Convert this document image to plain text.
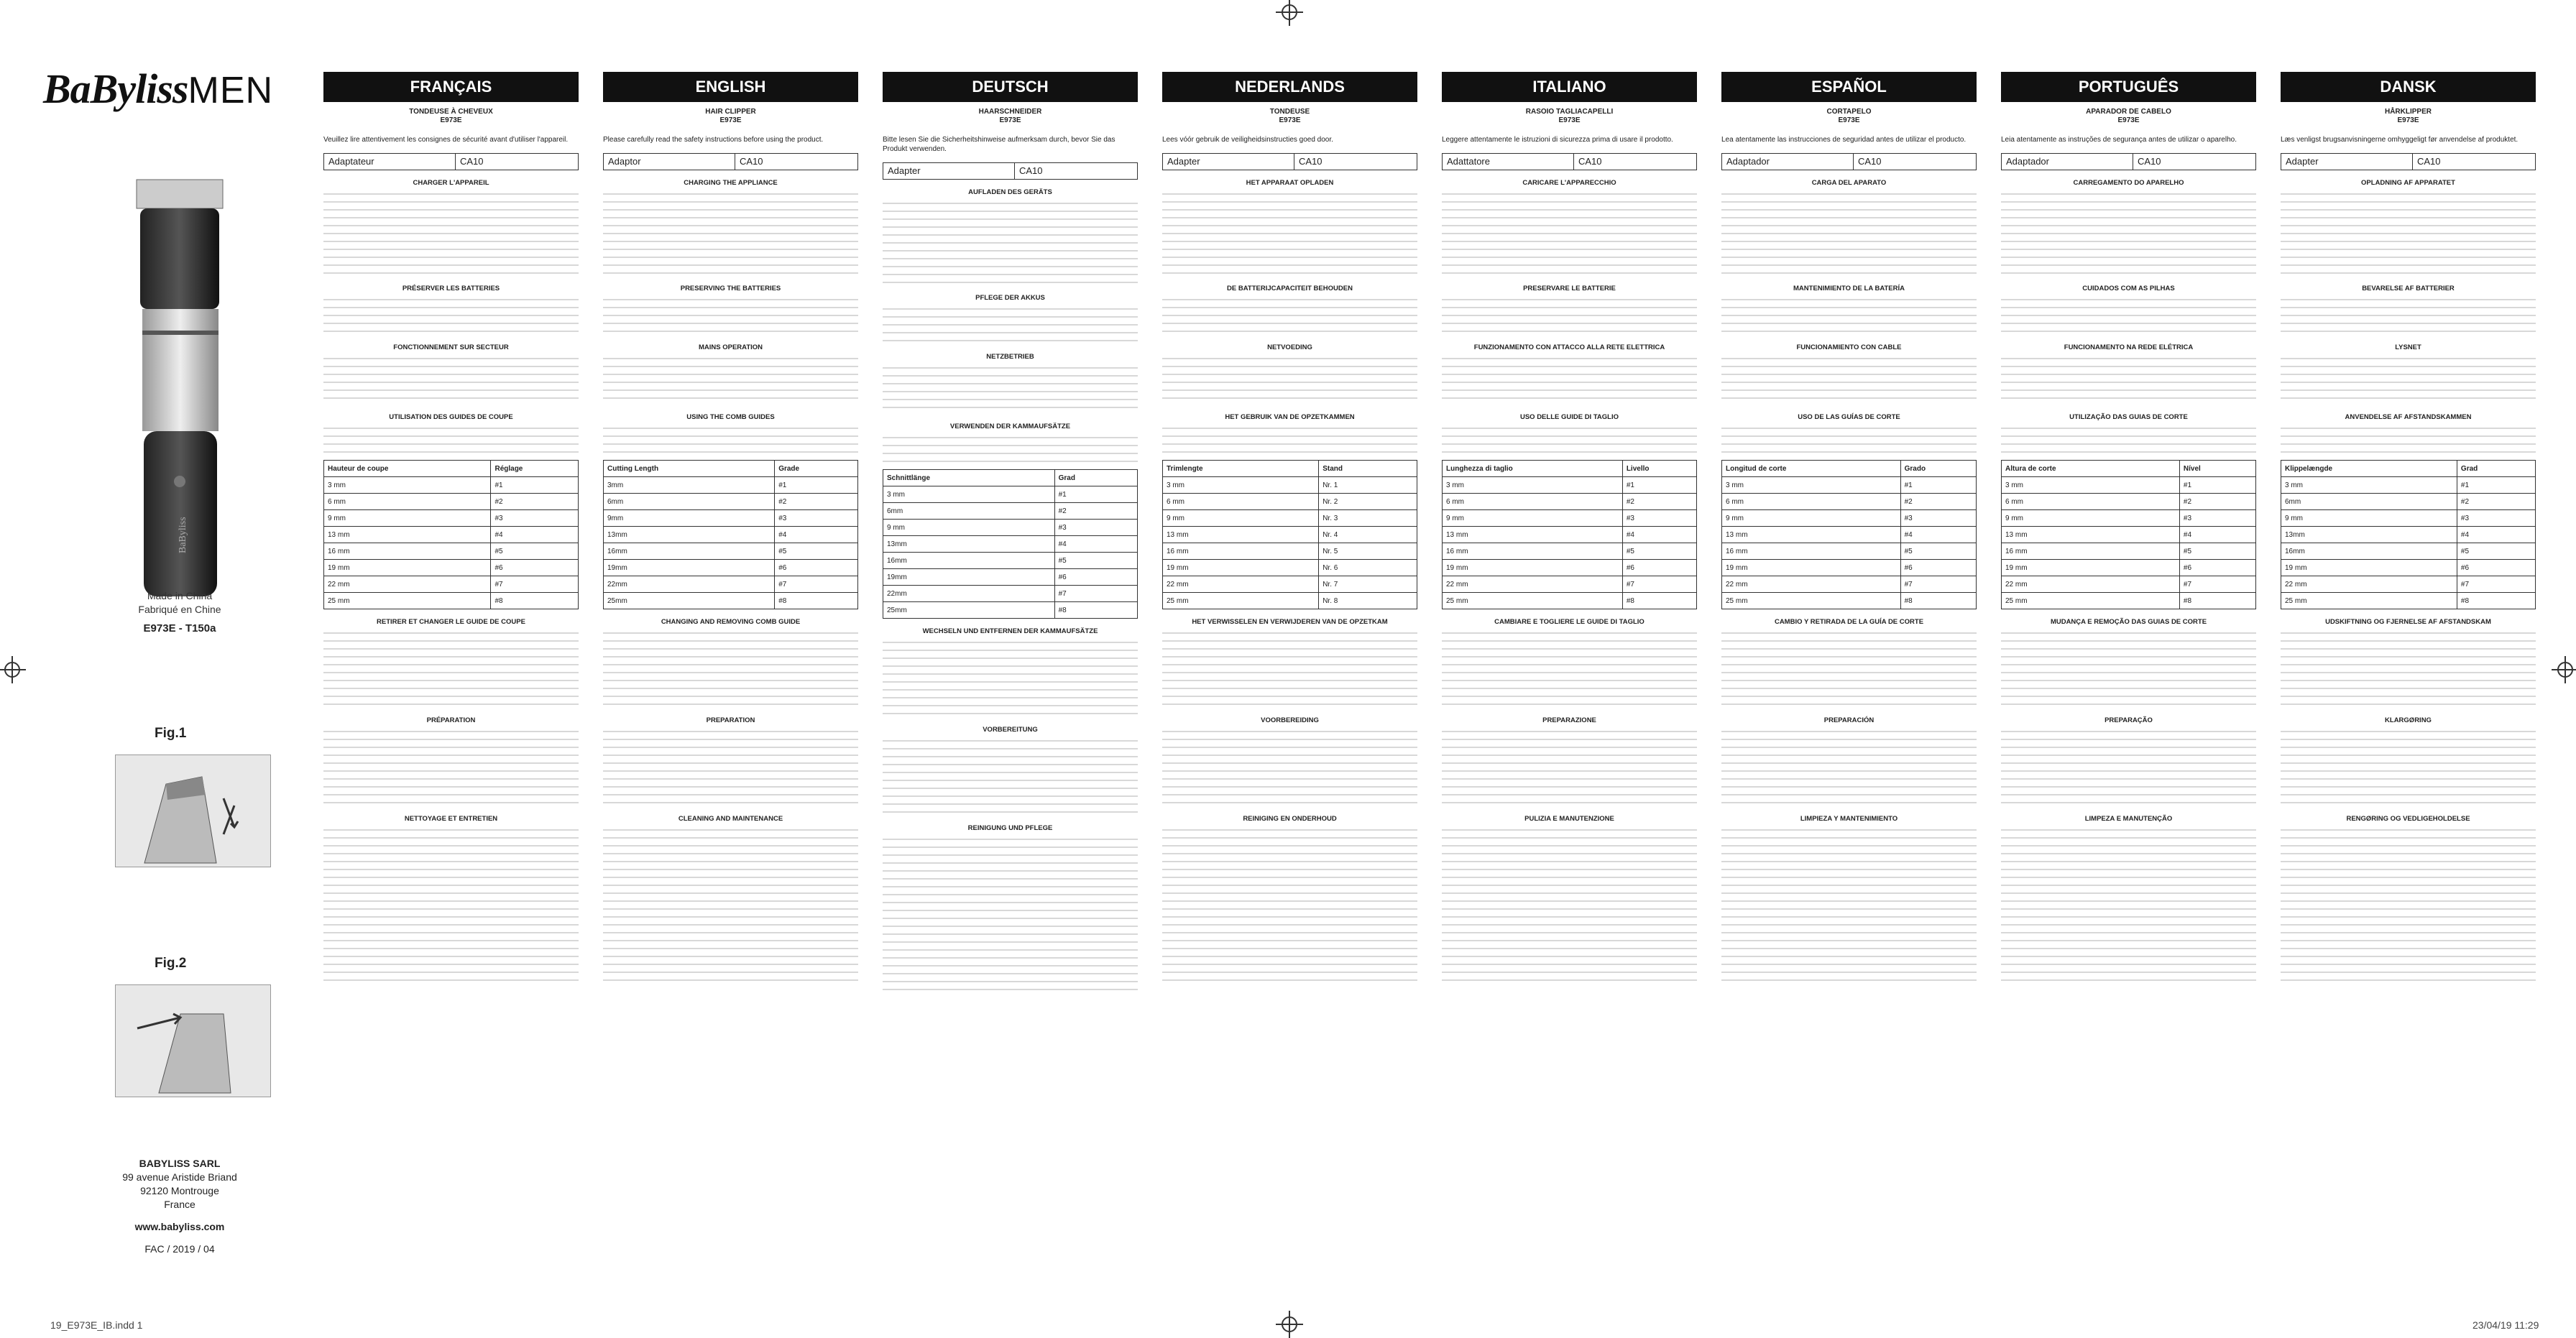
19_E973E_IB.indd 1	23/04/19 11:29
BaBylissMEN
BaByliss
Made in China
Fabriqué en Chine
E973E - T150a
Fig.1
Fig.2
BABYLISS SARL
99 avenue Aristide Briand
92120 Montrouge
France
www.babyliss.com
FAC / 2019 / 04
FRANÇAIS
TONDEUSE À CHEVEUX
E973E
Veuillez lire attentivement les consignes de sécurité avant d'utiliser l'appareil.
Adaptateur	CA10
CHARGER L'APPAREIL
PRÉSERVER LES BATTERIES
FONCTIONNEMENT SUR SECTEUR
UTILISATION DES GUIDES DE COUPE
Hauteur de coupe	Réglage
3 mm	#1
6 mm	#2
9 mm	#3
13 mm	#4
16 mm	#5
19 mm	#6
22 mm	#7
25 mm	#8
RETIRER ET CHANGER LE GUIDE DE COUPE
PRÉPARATION
NETTOYAGE ET ENTRETIEN
ENGLISH
HAIR CLIPPER
E973E
Please carefully read the safety instructions before using the product.
Adaptor	CA10
CHARGING THE APPLIANCE
PRESERVING THE BATTERIES
MAINS OPERATION
USING THE COMB GUIDES
Cutting Length	Grade
3mm	#1
6mm	#2
9mm	#3
13mm	#4
16mm	#5
19mm	#6
22mm	#7
25mm	#8
CHANGING AND REMOVING COMB GUIDE
PREPARATION
CLEANING AND MAINTENANCE
DEUTSCH
HAARSCHNEIDER
E973E
Bitte lesen Sie die Sicherheitshinweise aufmerksam durch, bevor Sie das Produkt verwenden.
Adapter	CA10
AUFLADEN DES GERÄTS
PFLEGE DER AKKUS
NETZBETRIEB
VERWENDEN DER KAMMAUFSÄTZE
Schnittlänge	Grad
3 mm	#1
6mm	#2
9 mm	#3
13mm	#4
16mm	#5
19mm	#6
22mm	#7
25mm	#8
WECHSELN UND ENTFERNEN DER KAMMAUFSÄTZE
VORBEREITUNG
REINIGUNG UND PFLEGE
NEDERLANDS
TONDEUSE
E973E
Lees vóór gebruik de veiligheidsinstructies goed door.
Adapter	CA10
HET APPARAAT OPLADEN
DE BATTERIJCAPACITEIT BEHOUDEN
NETVOEDING
HET GEBRUIK VAN DE OPZETKAMMEN
Trimlengte	Stand
3 mm	Nr. 1
6 mm	Nr. 2
9 mm	Nr. 3
13 mm	Nr. 4
16 mm	Nr. 5
19 mm	Nr. 6
22 mm	Nr. 7
25 mm	Nr. 8
HET VERWISSELEN EN VERWIJDEREN VAN DE OPZETKAM
VOORBEREIDING
REINIGING EN ONDERHOUD
ITALIANO
RASOIO TAGLIACAPELLI
E973E
Leggere attentamente le istruzioni di sicurezza prima di usare il prodotto.
Adattatore	CA10
CARICARE L'APPARECCHIO
PRESERVARE LE BATTERIE
FUNZIONAMENTO CON ATTACCO ALLA RETE ELETTRICA
USO DELLE GUIDE DI TAGLIO
Lunghezza di taglio	Livello
3 mm	#1
6 mm	#2
9 mm	#3
13 mm	#4
16 mm	#5
19 mm	#6
22 mm	#7
25 mm	#8
CAMBIARE E TOGLIERE LE GUIDE DI TAGLIO
PREPARAZIONE
PULIZIA E MANUTENZIONE
ESPAÑOL
CORTAPELO
E973E
Lea atentamente las instrucciones de seguridad antes de utilizar el producto.
Adaptador	CA10
CARGA DEL APARATO
MANTENIMIENTO DE LA BATERÍA
FUNCIONAMIENTO CON CABLE
USO DE LAS GUÍAS DE CORTE
Longitud de corte	Grado
3 mm	#1
6 mm	#2
9 mm	#3
13 mm	#4
16 mm	#5
19 mm	#6
22 mm	#7
25 mm	#8
CAMBIO Y RETIRADA DE LA GUÍA DE CORTE
PREPARACIÓN
LIMPIEZA Y MANTENIMIENTO
PORTUGUÊS
APARADOR DE CABELO
E973E
Leia atentamente as instruções de segurança antes de utilizar o aparelho.
Adaptador	CA10
CARREGAMENTO DO APARELHO
CUIDADOS COM AS PILHAS
FUNCIONAMENTO NA REDE ELÉTRICA
UTILIZAÇÃO DAS GUIAS DE CORTE
Altura de corte	Nível
3 mm	#1
6 mm	#2
9 mm	#3
13 mm	#4
16 mm	#5
19 mm	#6
22 mm	#7
25 mm	#8
MUDANÇA E REMOÇÃO DAS GUIAS DE CORTE
PREPARAÇÃO
LIMPEZA E MANUTENÇÃO
DANSK
HÅRKLIPPER
E973E
Læs venligst brugsanvisningerne omhyggeligt før anvendelse af produktet.
Adapter	CA10
OPLADNING AF APPARATET
BEVARELSE AF BATTERIER
LYSNET
ANVENDELSE AF AFSTANDSKAMMEN
Klippelængde	Grad
3 mm	#1
6mm	#2
9 mm	#3
13mm	#4
16mm	#5
19 mm	#6
22 mm	#7
25 mm	#8
UDSKIFTNING OG FJERNELSE AF AFSTANDSKAM
KLARGØRING
RENGØRING OG VEDLIGEHOLDELSE
